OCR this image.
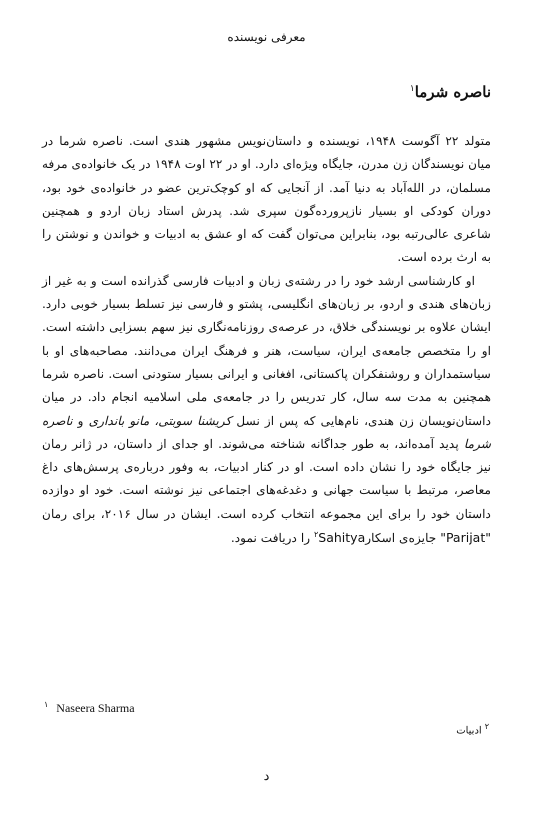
معرفی نویسنده
ناصره شرما$^۱$

متولد ۲۲ آگوست ۱۹۴۸، نویسنده و داستان‌نویس مشهور هندی است. ناصره شرما در میان نویسندگان زن مدرن، جایگاه ویژه‌ای دارد. او در ۲۲ اوت ۱۹۴۸ در یک خانواده‌ی مرفه مسلمان، در الله‌آباد به دنیا آمد. از آنجایی که او کوچک‌ترین عضو در خانواده‌ی خود بود، دوران کودکی او بسیار نازپرورده‌گون سپری شد. پدرش استاد زبان اردو و همچنین شاعری عالی‌رتبه بود، بنابراین می‌توان گفت که او عشق به ادبیات و خواندن و نوشتن را به ارث برده است.

او کارشناسی ارشد خود را در رشته‌ی زبان و ادبیات فارسی گذرانده است و به غیر از زبان‌های هندی و اردو، بر زبان‌های انگلیسی، پشتو و فارسی نیز تسلط بسیار خوبی دارد. ایشان علاوه بر نویسندگی خلاق، در عرصه‌ی روزنامه‌نگاری نیز سهم بسزایی داشته است. او را متخصص جامعه‌ی ایران، سیاست، هنر و فرهنگ ایران می‌دانند. مصاحبه‌های او با سیاستمداران و روشنفکران پاکستانی، افغانی و ایرانی بسیار ستودنی است. ناصره شرما همچنین به مدت سه سال، کار تدریس را در جامعه‌ی ملی اسلامیه انجام داد. در میان داستان‌نویسان زن هندی، نام‌هایی که پس از نسل کریشنا سوبتی، مانو بانداری و ناصره شرما پدید آمده‌اند، به طور جداگانه شناخته می‌شوند. او جدای از داستان، در ژانر رمان نیز جایگاه خود را نشان داده است. او در کنار ادبیات، به وفور درباره‌ی پرسش‌های داغ معاصر، مرتبط با سیاست جهانی و دغدغه‌های اجتماعی نیز نوشته است. خود او دوازده داستان خود را برای این مجموعه انتخاب کرده است. ایشان در سال ۲۰۱۶، برای رمان "Parijat" جایزه‌ی اسکارSahitya$^۲$ را دریافت نمود.

$^۱$ Naseera Sharma
$^۲$ادبیات
د
